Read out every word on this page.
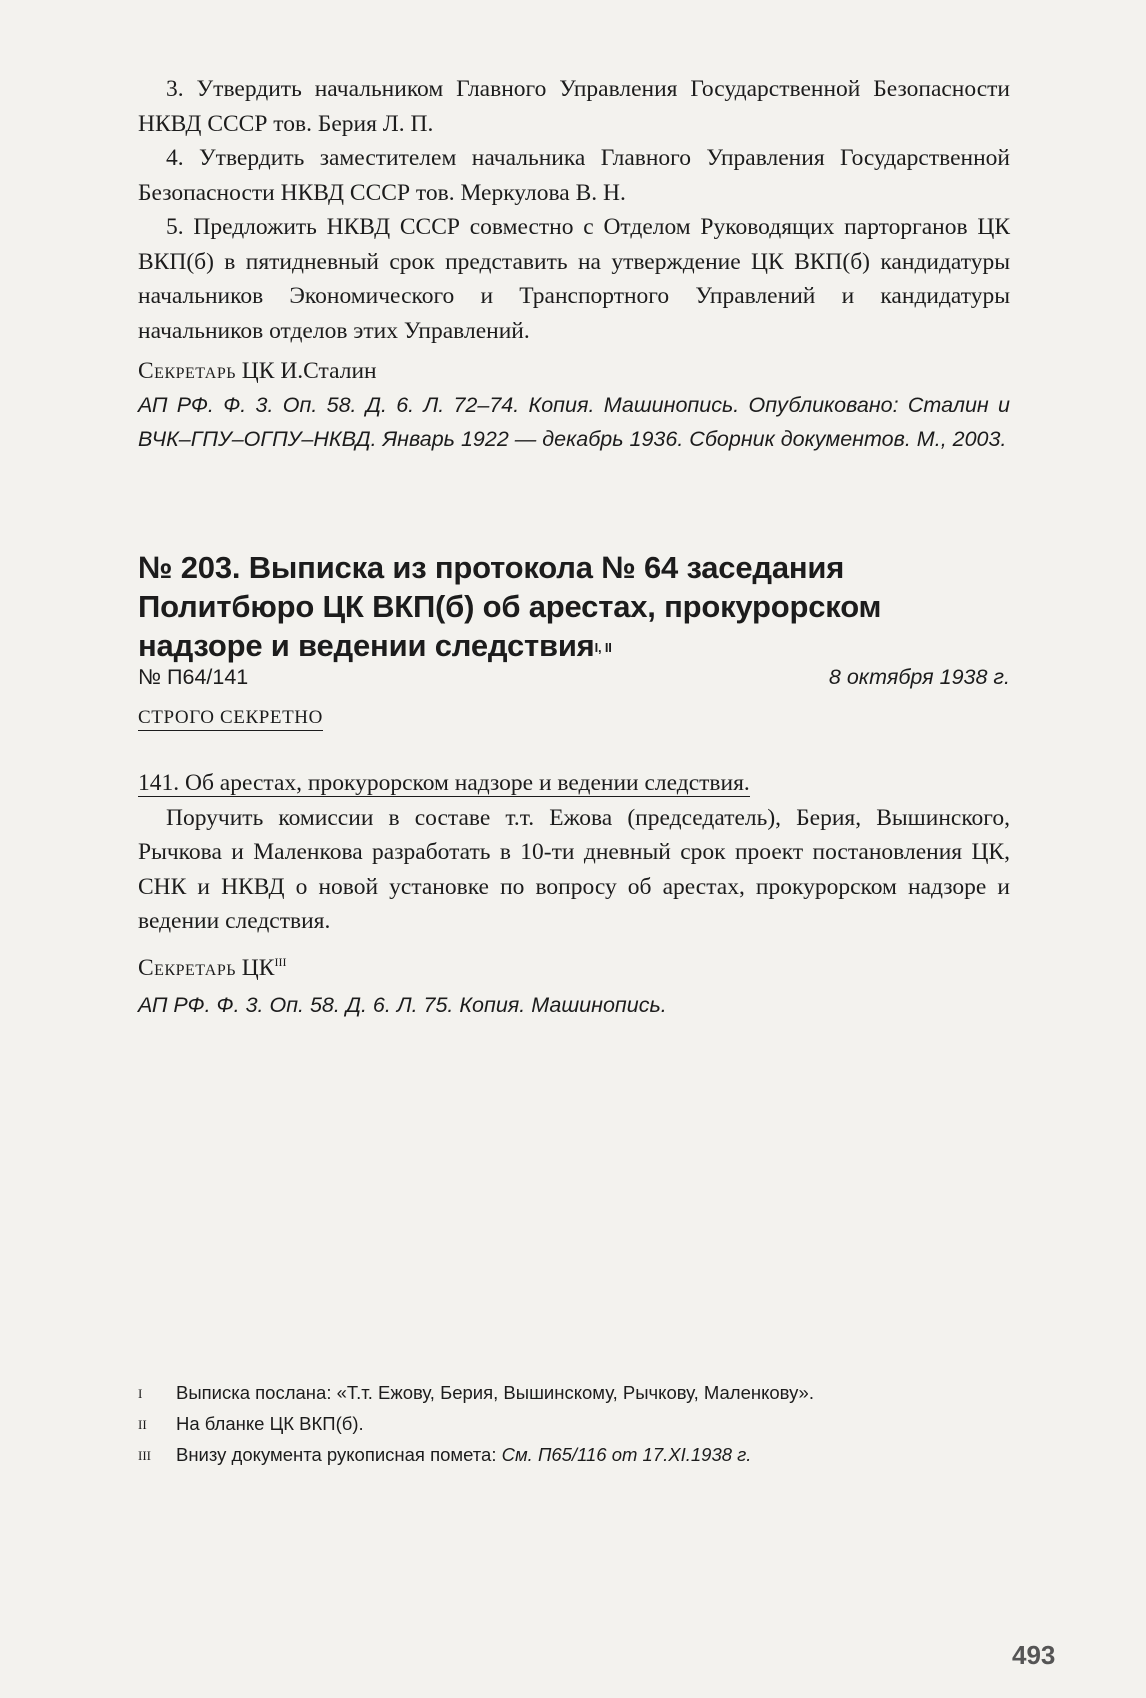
3. Утвердить начальником Главного Управления Государственной Безопасности НКВД СССР тов. Берия Л. П.

4. Утвердить заместителем начальника Главного Управления Государственной Безопасности НКВД СССР тов. Меркулова В. Н.

5. Предложить НКВД СССР совместно с Отделом Руководящих парторганов ЦК ВКП(б) в пятидневный срок представить на утверждение ЦК ВКП(б) кандидатуры начальников Экономического и Транспортного Управлений и кандидатуры начальников отделов этих Управлений.

Секретарь ЦК И.Сталин

АП РФ. Ф. 3. Оп. 58. Д. 6. Л. 72–74. Копия. Машинопись. Опубликовано: Сталин и ВЧК–ГПУ–ОГПУ–НКВД. Январь 1922 — декабрь 1936. Сборник документов. М., 2003.

№ 203. Выписка из протокола № 64 заседания Политбюро ЦК ВКП(б) об арестах, прокурорском надзоре и ведении следствия$^{I, II}$
№ П64/141	8 октября 1938 г.
СТРОГО СЕКРЕТНО

141. Об арестах, прокурорском надзоре и ведении следствия.

Поручить комиссии в составе т.т. Ежова (председатель), Берия, Вышинского, Рычкова и Маленкова разработать в 10-ти дневный срок проект постановления ЦК, СНК и НКВД о новой установке по вопросу об арестах, прокурорском надзоре и ведении следствия.

Секретарь $ЦК^{III}$

АП РФ. Ф. 3. Оп. 58. Д. 6. Л. 75. Копия. Машинопись.

I	Выписка послана: «Т.т. Ежову, Берия, Вышинскому, Рычкову, Маленкову».
II	На бланке ЦК ВКП(б).
III	Внизу документа рукописная помета: См. П65/116 от 17.XI.1938 г.
493
